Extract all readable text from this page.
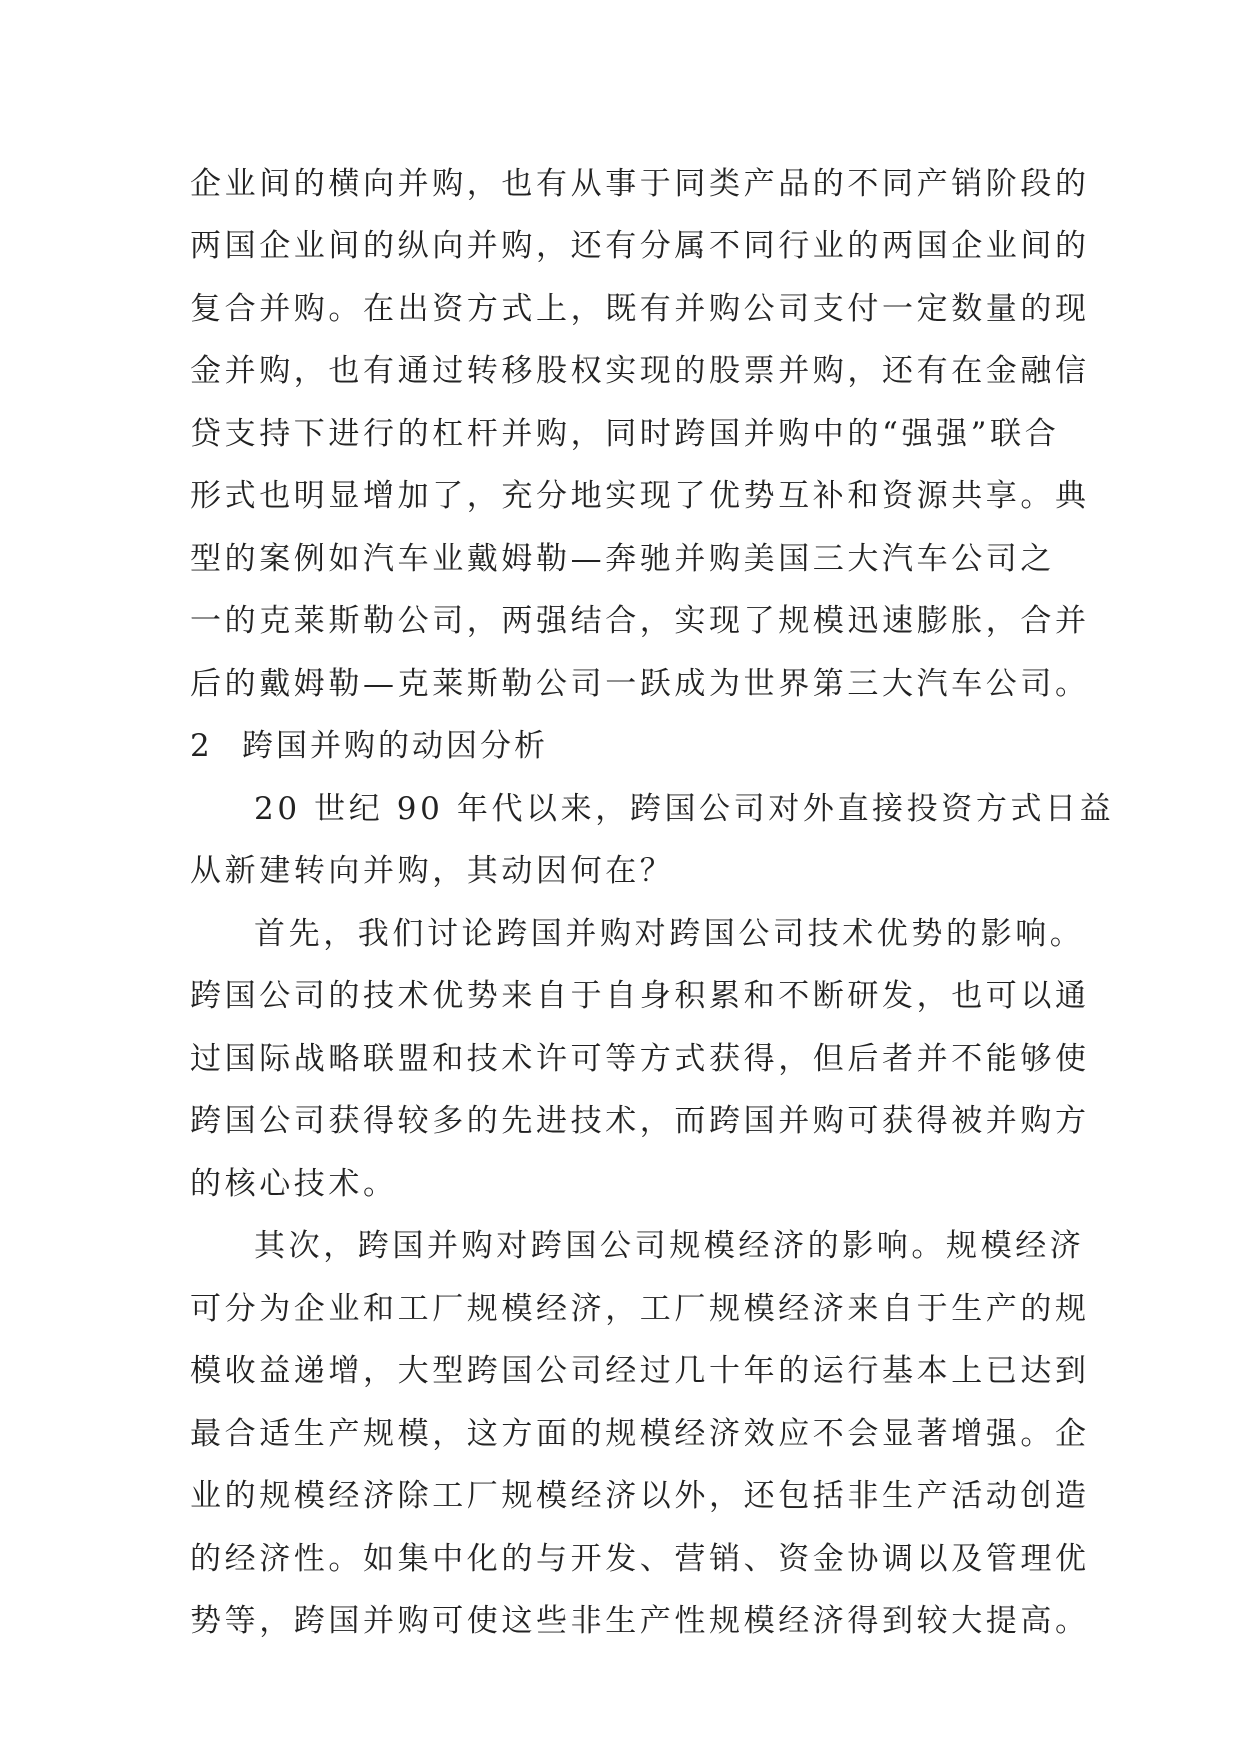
企业间的横向并购，也有从事于同类产品的不同产销阶段的
两国企业间的纵向并购，还有分属不同行业的两国企业间的
复合并购。在出资方式上，既有并购公司支付一定数量的现
金并购，也有通过转移股权实现的股票并购，还有在金融信
贷支持下进行的杠杆并购，同时跨国并购中的“强强”联合
形式也明显增加了，充分地实现了优势互补和资源共享。典
型的案例如汽车业戴姆勒—奔驰并购美国三大汽车公司之
一的克莱斯勒公司，两强结合，实现了规模迅速膨胀，合并
后的戴姆勒—克莱斯勒公司一跃成为世界第三大汽车公司。
2 跨国并购的动因分析
20 世纪 90 年代以来，跨国公司对外直接投资方式日益
从新建转向并购，其动因何在？
首先，我们讨论跨国并购对跨国公司技术优势的影响。
跨国公司的技术优势来自于自身积累和不断研发，也可以通
过国际战略联盟和技术许可等方式获得，但后者并不能够使
跨国公司获得较多的先进技术，而跨国并购可获得被并购方
的核心技术。
其次，跨国并购对跨国公司规模经济的影响。规模经济
可分为企业和工厂规模经济，工厂规模经济来自于生产的规
模收益递增，大型跨国公司经过几十年的运行基本上已达到
最合适生产规模，这方面的规模经济效应不会显著增强。企
业的规模经济除工厂规模经济以外，还包括非生产活动创造
的经济性。如集中化的与开发、营销、资金协调以及管理优
势等，跨国并购可使这些非生产性规模经济得到较大提高。
